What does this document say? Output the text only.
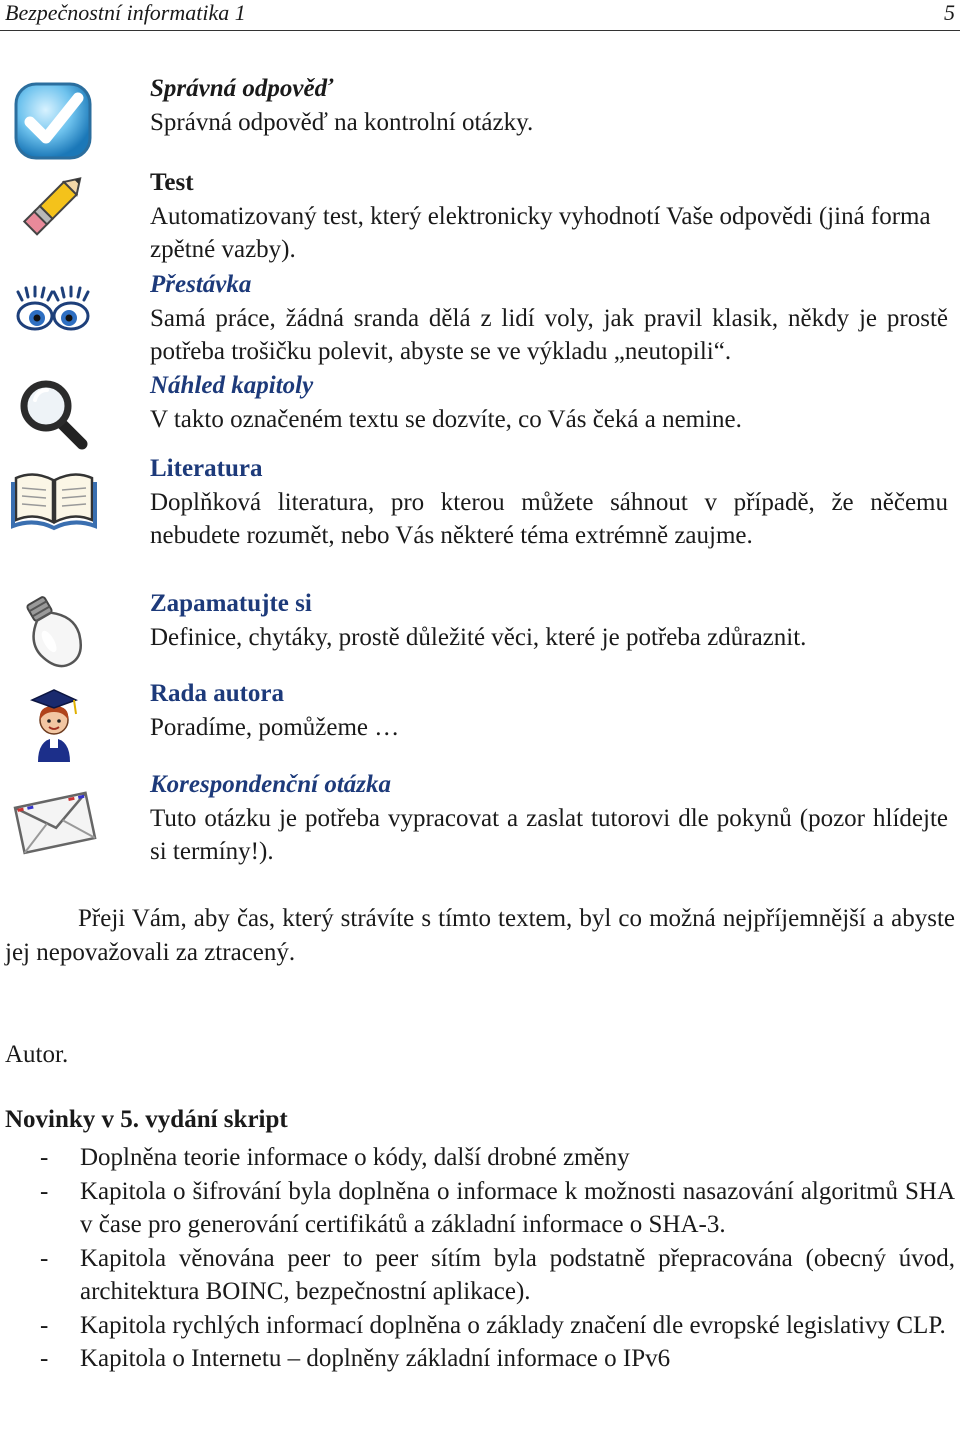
Bezpečnostní informatika 1	5
Správná odpověď
Správná odpověď na kontrolní otázky.
Test
Automatizovaný test, který elektronicky vyhodnotí Vaše odpovědi (jiná forma zpětné vazby).
Přestávka
Samá práce, žádná sranda dělá z lidí voly, jak pravil klasik, někdy je prostě potřeba trošičku polevit, abyste se ve výkladu „neutopili“.
Náhled kapitoly
V takto označeném textu se dozvíte, co Vás čeká a nemine.
Literatura
Doplňková literatura, pro kterou můžete sáhnout v případě, že něčemu nebudete rozumět, nebo Vás některé téma extrémně zaujme.
Zapamatujte si
Definice, chytáky, prostě důležité věci, které je potřeba zdůraznit.
Rada autora
Poradíme, pomůžeme …
Korespondenční otázka
Tuto otázku je potřeba vypracovat a zaslat tutorovi dle pokynů (pozor hlídejte si termíny!).

Přeji Vám, aby čas, který strávíte s tímto textem, byl co možná nejpříjemnější a abyste jej nepovažovali za ztracený.

Autor.

Novinky v 5. vydání skript
- Doplněna teorie informace o kódy, další drobné změny
- Kapitola o šifrování byla doplněna o informace k možnosti nasazování algoritmů SHA v čase pro generování certifikátů a základní informace o SHA-3.
- Kapitola věnována peer to peer sítím byla podstatně přepracována (obecný úvod, architektura BOINC, bezpečnostní aplikace).
- Kapitola rychlých informací doplněna o základy značení dle evropské legislativy CLP.
- Kapitola o Internetu – doplněny základní informace o IPv6
